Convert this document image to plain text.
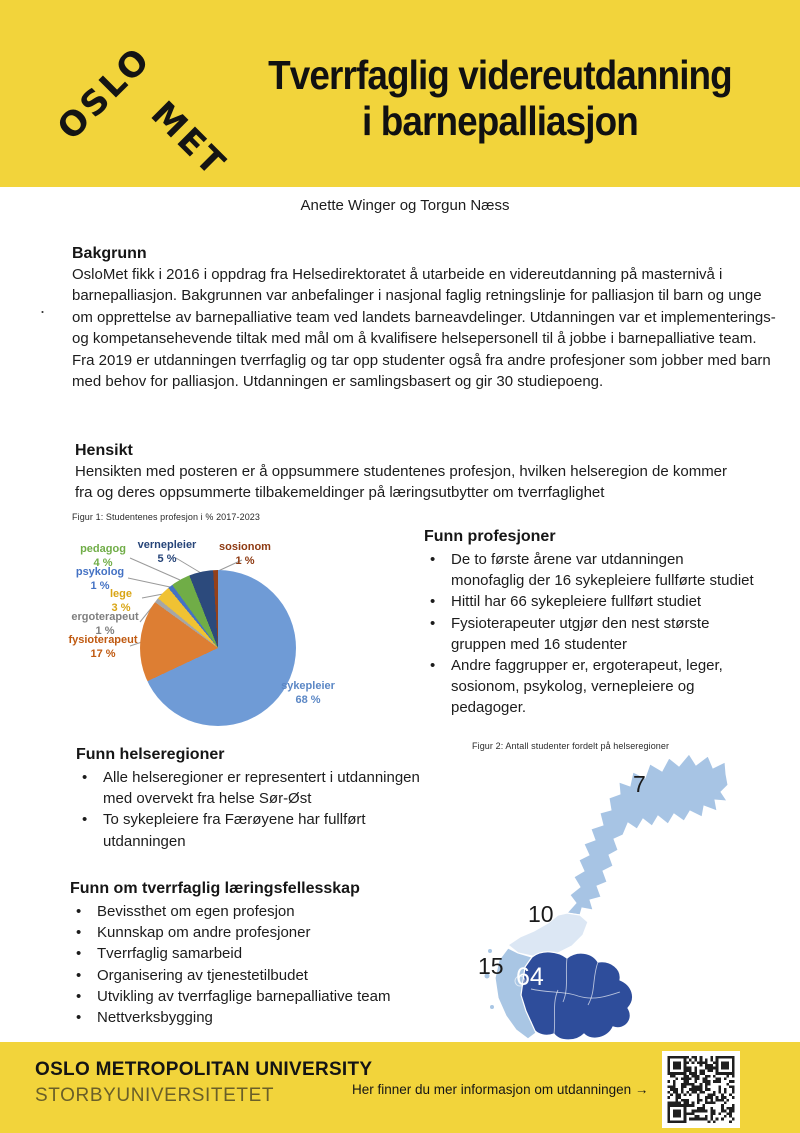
OSLO
MET
Tverrfaglig videreutdanning
i barnepalliasjon
Anette Winger og Torgun Næss
Bakgrunn

OsloMet fikk i 2016 i oppdrag fra Helsedirektoratet å utarbeide en videreutdanning på masternivå i barnepalliasjon. Bakgrunnen var anbefalinger i nasjonal faglig retningslinje for palliasjon til barn og unge om opprettelse av barnepalliative team ved landets barneavdelinger. Utdanningen var et implementerings- og kompetansehevende tiltak med mål om å kvalifisere helsepersonell til å jobbe i barnepalliative team. Fra 2019 er utdanningen tverrfaglig og tar opp studenter også fra andre profesjoner som jobber med barn med behov for palliasjon. Utdanningen er samlingsbasert og gir 30 studiepoeng.

.
Hensikt

Hensikten med posteren er å oppsummere studentenes profesjon, hvilken helseregion de kommer fra og deres oppsummerte tilbakemeldinger på læringsutbytter om tverrfaglighet

Figur 1: Studentenes profesjon i % 2017-2023
sykepleier
68 %
fysioterapeut
17 %
ergoterapeut
1 %
lege
3 %
psykolog
1 %
pedagog
4 %
vernepleier
5 %
sosionom
1 %
Funn profesjoner
• De to første årene var utdanningen monofaglig der 16 sykepleiere fullførte studiet
• Hittil har 66 sykepleiere fullført studiet
• Fysioterapeuter utgjør den nest største gruppen med 16 studenter
• Andre faggrupper er, ergoterapeut, leger, sosionom, psykolog, vernepleiere og pedagoger.
Funn helseregioner
• Alle helseregioner er representert i utdanningen med overvekt fra helse Sør-Øst
• To sykepleiere fra Færøyene har fullført utdanningen
Figur 2: Antall studenter fordelt på helseregioner
7
10
15 64
Funn om tverrfaglig læringsfellesskap
• Bevissthet om egen profesjon
• Kunnskap om andre profesjoner
• Tverrfaglig samarbeid
• Organisering av tjenestetilbudet
• Utvikling av tverrfaglige barnepalliative team
• Nettverksbygging
OSLO METROPOLITAN UNIVERSITY
STORBYUNIVERSITETET	Her finner du mer informasjon om utdanningen →
